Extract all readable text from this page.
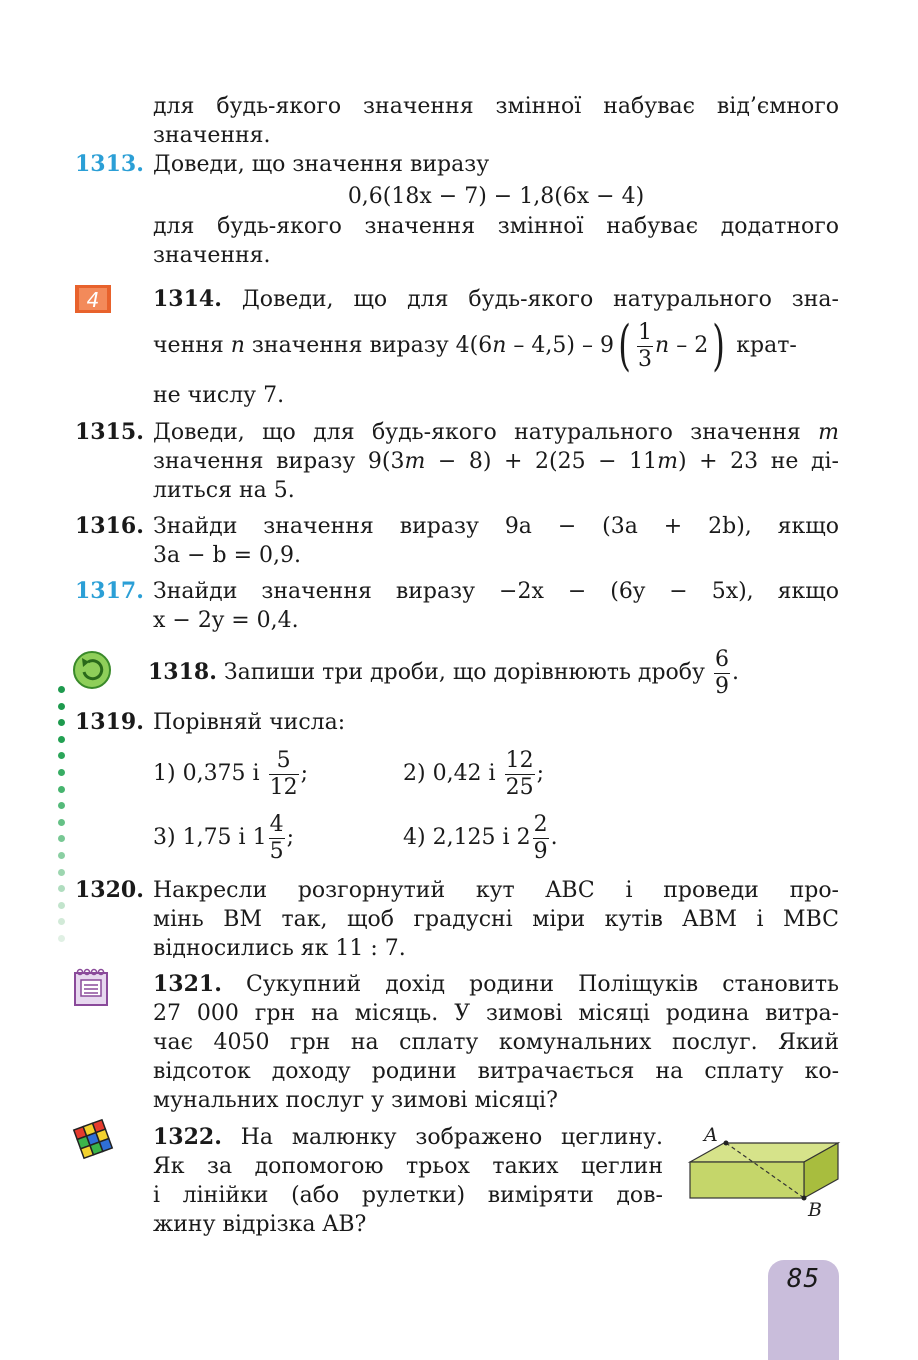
для будь-якого значення змінної набуває від’ємного
значення.
1313. Доведи, що значення виразу
0,6(18x − 7) − 1,8(6x − 4)
для будь-якого значення змінної набуває додатного
значення.
4 1314. Доведи, що для будь-якого натурального зна-
чення n значення виразу $4(6n - 4,5) - 9( \frac{1}{3}$ n – 2) крат-
не числу 7.
1315. Доведи, що для будь-якого натурального значення m
значення виразу 9(3m − 8) + 2(25 − 11m) + 23 не ді-
литься на 5.
1316. Знайди значення виразу 9a − (3a + 2b), якщо
3a − b = 0,9.
1317. Знайди значення виразу −2x − (6y − 5x), якщо
x − 2y = 0,4.
1318. Запиши три дроби, що дорівнюють дробу $\frac{6}{9}$ .
1319. Порівняй числа:
1) 0,375 і $\frac{5}{12}$ ;	2) 0,42 і $\frac{12}{25}$ ;
3) 1,75 і $1 \frac{4}{5}$ ;	4) 2,125 і $2 \frac{2}{9}$ .
1320. Накресли розгорнутий кут ABC і проведи про-
мінь BM так, щоб градусні міри кутів ABM і MBC
відносились як 11 : 7.
1321. Сукупний дохід родини Поліщуків становить
27 000 грн на місяць. У зимові місяці родина витра-
чає 4050 грн на сплату комунальних послуг. Який
відсоток доходу родини витрачається на сплату ко-
мунальних послуг у зимові місяці?
1322. На малюнку зображено цеглину.
Як за допомогою трьох таких цеглин
і лінійки (або рулетки) виміряти дов-
жину відрізка AB?
A
B
85
